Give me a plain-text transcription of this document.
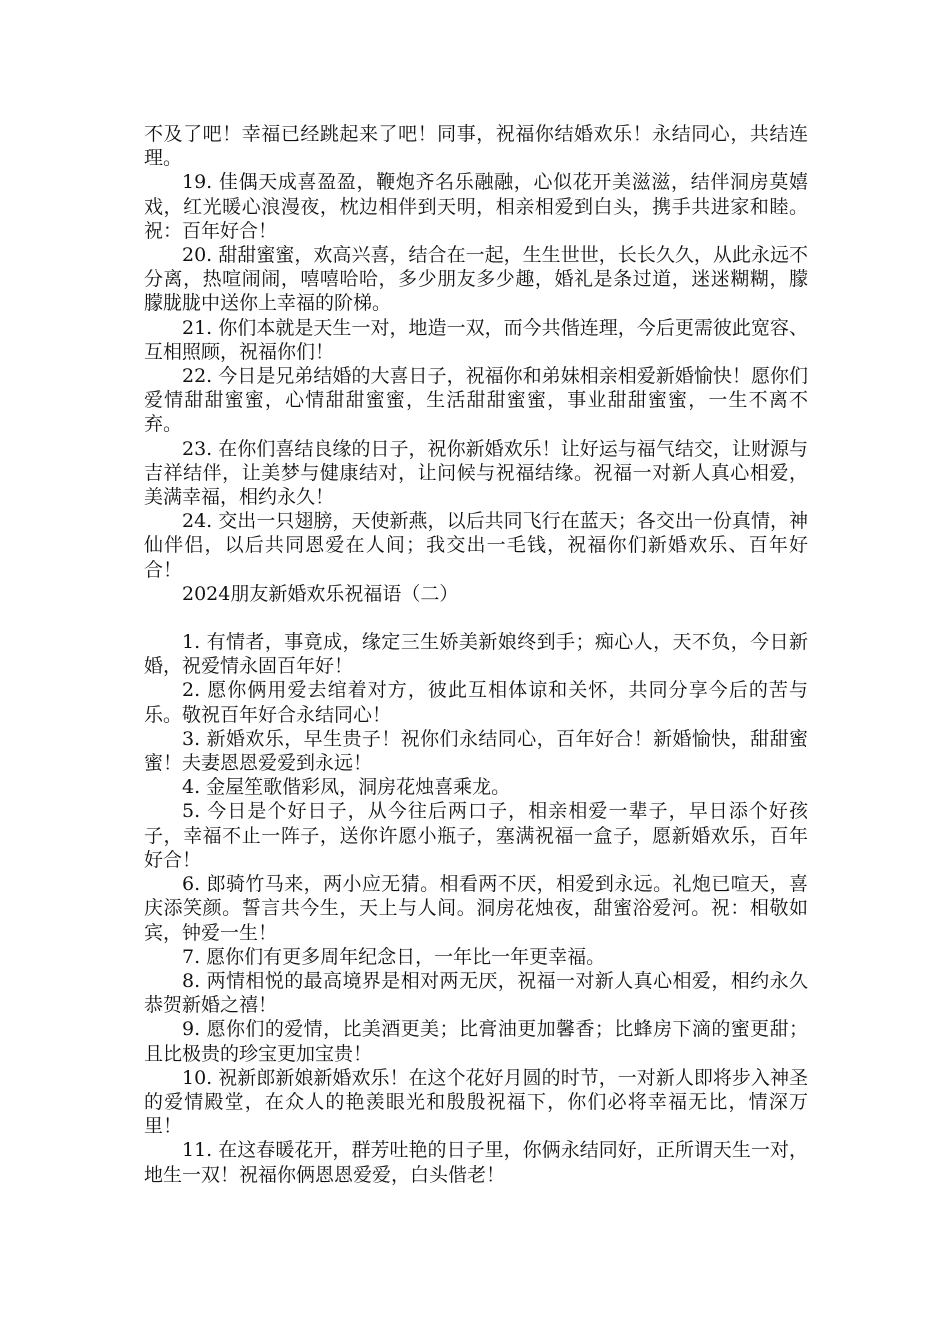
不及了吧！幸福已经跳起来了吧！同事，祝福你结婚欢乐！永结同心，共结连理。

19. 佳偶天成喜盈盈，鞭炮齐名乐融融，心似花开美滋滋，结伴洞房莫嬉戏，红光暖心浪漫夜，枕边相伴到天明，相亲相爱到白头，携手共进家和睦。祝：百年好合！

20. 甜甜蜜蜜，欢高兴喜，结合在一起，生生世世，长长久久，从此永远不分离，热喧闹闹，嘻嘻哈哈，多少朋友多少趣，婚礼是条过道，迷迷糊糊，朦朦胧胧中送你上幸福的阶梯。

21. 你们本就是天生一对，地造一双，而今共偕连理，今后更需彼此宽容、互相照顾，祝福你们！

22. 今日是兄弟结婚的大喜日子，祝福你和弟妹相亲相爱新婚愉快！愿你们爱情甜甜蜜蜜，心情甜甜蜜蜜，生活甜甜蜜蜜，事业甜甜蜜蜜，一生不离不弃。

23. 在你们喜结良缘的日子，祝你新婚欢乐！让好运与福气结交，让财源与吉祥结伴，让美梦与健康结对，让问候与祝福结缘。祝福一对新人真心相爱，美满幸福，相约永久！

24. 交出一只翅膀，天使新燕，以后共同飞行在蓝天；各交出一份真情，神仙伴侣，以后共同恩爱在人间；我交出一毛钱，祝福你们新婚欢乐、百年好合！

2024朋友新婚欢乐祝福语（二）

1. 有情者，事竟成，缘定三生娇美新娘终到手；痴心人，天不负，今日新婚，祝爱情永固百年好！

2. 愿你俩用爱去绾着对方，彼此互相体谅和关怀，共同分享今后的苦与乐。敬祝百年好合永结同心！

3. 新婚欢乐，早生贵子！祝你们永结同心，百年好合！新婚愉快，甜甜蜜蜜！夫妻恩恩爱爱到永远！

4. 金屋笙歌偕彩凤，洞房花烛喜乘龙。

5. 今日是个好日子，从今往后两口子，相亲相爱一辈子，早日添个好孩子，幸福不止一阵子，送你许愿小瓶子，塞满祝福一盒子，愿新婚欢乐，百年好合！

6. 郎骑竹马来，两小应无猜。相看两不厌，相爱到永远。礼炮已喧天，喜庆添笑颜。誓言共今生，天上与人间。洞房花烛夜，甜蜜浴爱河。祝：相敬如宾，钟爱一生！

7. 愿你们有更多周年纪念日，一年比一年更幸福。

8. 两情相悦的最高境界是相对两无厌，祝福一对新人真心相爱，相约永久恭贺新婚之禧！

9. 愿你们的爱情，比美酒更美；比膏油更加馨香；比蜂房下滴的蜜更甜；且比极贵的珍宝更加宝贵！

10. 祝新郎新娘新婚欢乐！在这个花好月圆的时节，一对新人即将步入神圣的爱情殿堂，在众人的艳羡眼光和殷殷祝福下，你们必将幸福无比，情深万里！

11. 在这春暖花开，群芳吐艳的日子里，你俩永结同好，正所谓天生一对，地生一双！祝福你俩恩恩爱爱，白头偕老！
